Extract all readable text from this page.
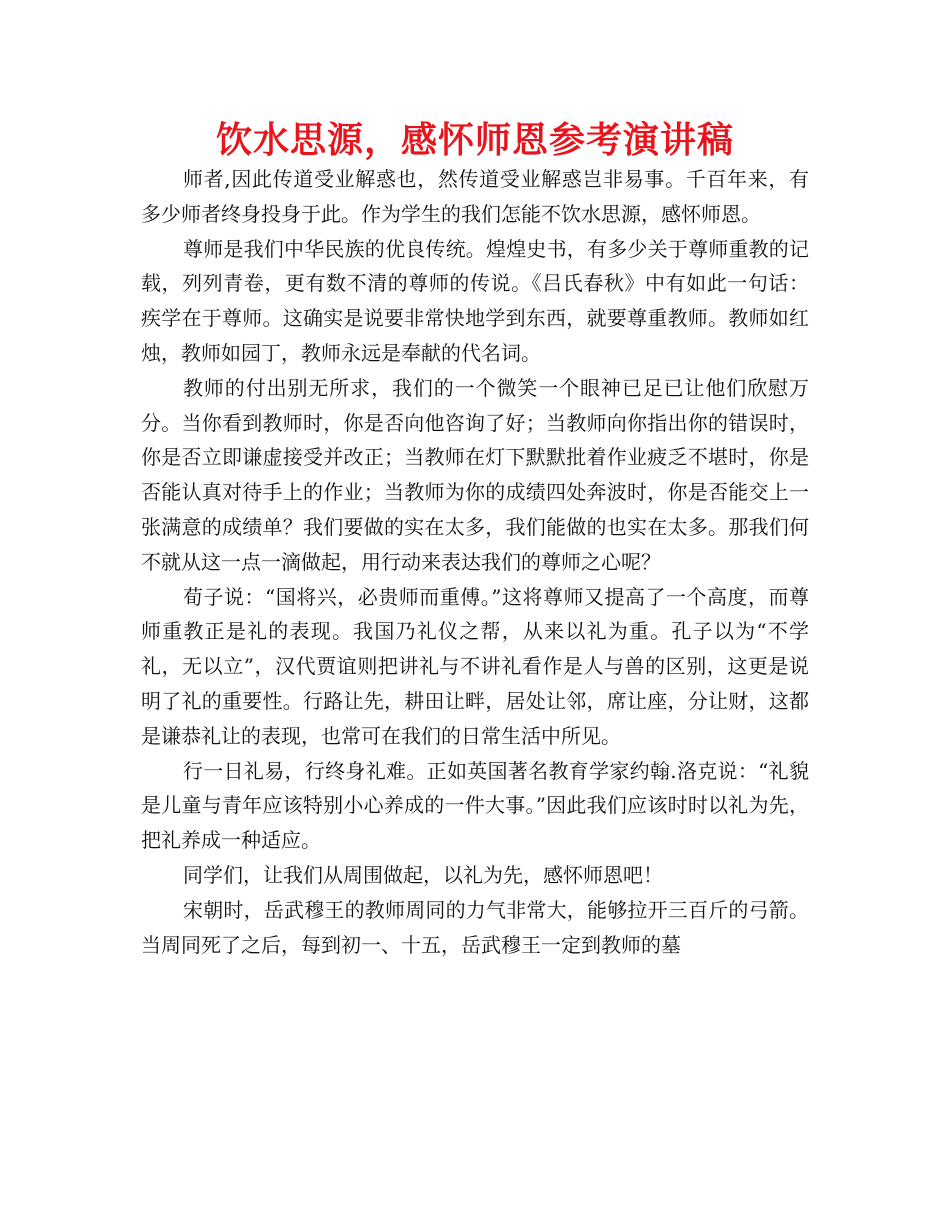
饮水思源，感怀师恩参考演讲稿

师者,因此传道受业解惑也，然传道受业解惑岂非易事。千百年来，有多少师者终身投身于此。作为学生的我们怎能不饮水思源，感怀师恩。

尊师是我们中华民族的优良传统。煌煌史书，有多少关于尊师重教的记载，列列青卷，更有数不清的尊师的传说。《吕氏春秋》中有如此一句话：疾学在于尊师。这确实是说要非常快地学到东西，就要尊重教师。教师如红烛，教师如园丁，教师永远是奉献的代名词。

教师的付出别无所求，我们的一个微笑一个眼神已足已让他们欣慰万分。当你看到教师时，你是否向他咨询了好；当教师向你指出你的错误时，你是否立即谦虚接受并改正；当教师在灯下默默批着作业疲乏不堪时，你是否能认真对待手上的作业；当教师为你的成绩四处奔波时，你是否能交上一张满意的成绩单？我们要做的实在太多，我们能做的也实在太多。那我们何不就从这一点一滴做起，用行动来表达我们的尊师之心呢？

荀子说：“国将兴，必贵师而重傅。”这将尊师又提高了一个高度，而尊师重教正是礼的表现。我国乃礼仪之帮，从来以礼为重。孔子以为“不学礼，无以立”，汉代贾谊则把讲礼与不讲礼看作是人与兽的区别，这更是说明了礼的重要性。行路让先，耕田让畔，居处让邻，席让座，分让财，这都是谦恭礼让的表现，也常可在我们的日常生活中所见。

行一日礼易，行终身礼难。正如英国著名教育学家约翰.洛克说：“礼貌是儿童与青年应该特别小心养成的一件大事。”因此我们应该时时以礼为先，把礼养成一种适应。

同学们，让我们从周围做起，以礼为先，感怀师恩吧！

宋朝时，岳武穆王的教师周同的力气非常大，能够拉开三百斤的弓箭。当周同死了之后，每到初一、十五，岳武穆王一定到教师的墓
